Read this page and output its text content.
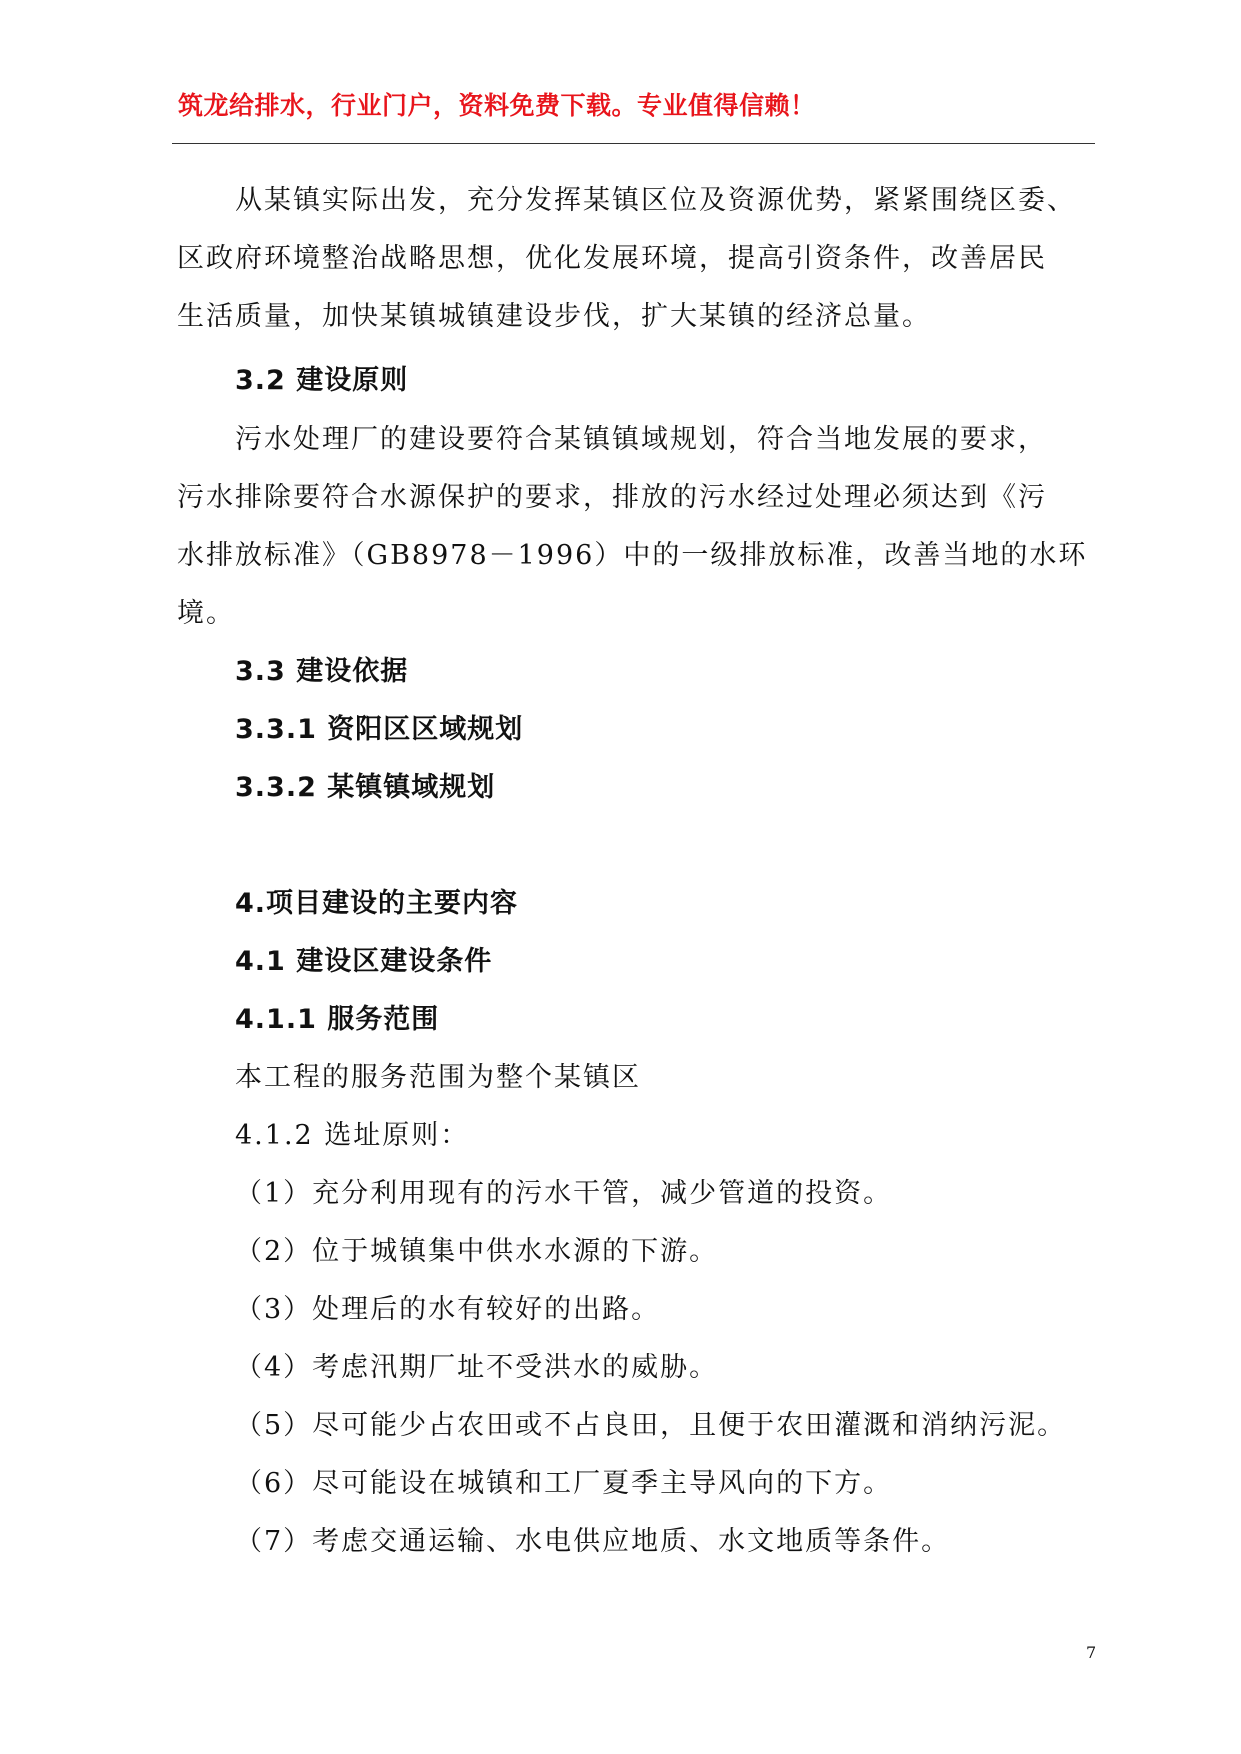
筑龙给排水，行业门户，资料免费下载。专业值得信赖！
从某镇实际出发，充分发挥某镇区位及资源优势，紧紧围绕区委、
区政府环境整治战略思想，优化发展环境，提高引资条件，改善居民
生活质量，加快某镇城镇建设步伐，扩大某镇的经济总量。
3.2 建设原则
污水处理厂的建设要符合某镇镇域规划，符合当地发展的要求，
污水排除要符合水源保护的要求，排放的污水经过处理必须达到《污
水排放标准》（GB8978－1996）中的一级排放标准，改善当地的水环
境。
3.3 建设依据
3.3.1 资阳区区域规划
3.3.2 某镇镇域规划
4.项目建设的主要内容
4.1 建设区建设条件
4.1.1 服务范围
本工程的服务范围为整个某镇区
4.1.2 选址原则：
（1）充分利用现有的污水干管，减少管道的投资。
（2）位于城镇集中供水水源的下游。
（3）处理后的水有较好的出路。
（4）考虑汛期厂址不受洪水的威胁。
（5）尽可能少占农田或不占良田，且便于农田灌溉和消纳污泥。
（6）尽可能设在城镇和工厂夏季主导风向的下方。
（7）考虑交通运输、水电供应地质、水文地质等条件。
7
